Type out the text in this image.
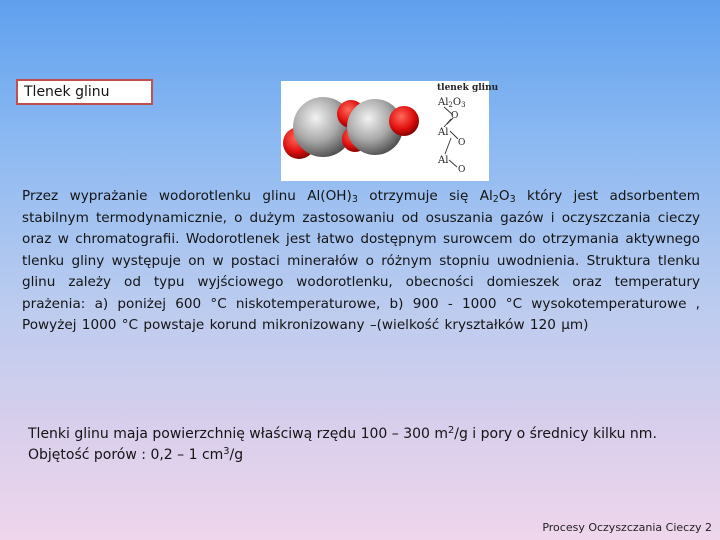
Tlenek glinu	tlenek glinu
$Al_2O_3$
O
Al
O
Al
O

Przez wyprażanie wodorotlenku glinu $Al(OH)_3$ otrzymuje się $Al_2O_3$ który jest adsorbentem stabilnym termodynamicznie, o dużym zastosowaniu od osuszania gazów i oczyszczania cieczy oraz w chromatografii. Wodorotlenek jest łatwo dostępnym surowcem do otrzymania aktywnego tlenku gliny występuje on w postaci minerałów o różnym stopniu uwodnienia. Struktura tlenku glinu zależy od typu wyjściowego wodorotlenku, obecności domieszek oraz temperatury prażenia: a) poniżej 600 °C niskotemperaturowe, b) 900 - 1000 °C wysokotemperaturowe , Powyżej 1000 °C powstaje korund mikronizowany –(wielkość kryształków 120 µm)

Tlenki glinu maja powierzchnię właściwą rzędu 100 – 300 $m^2/g$ i pory o średnicy kilku nm.
Objętość porów : 0,2 – 1 $cm^3/g$
Procesy Oczyszczania Cieczy 2
